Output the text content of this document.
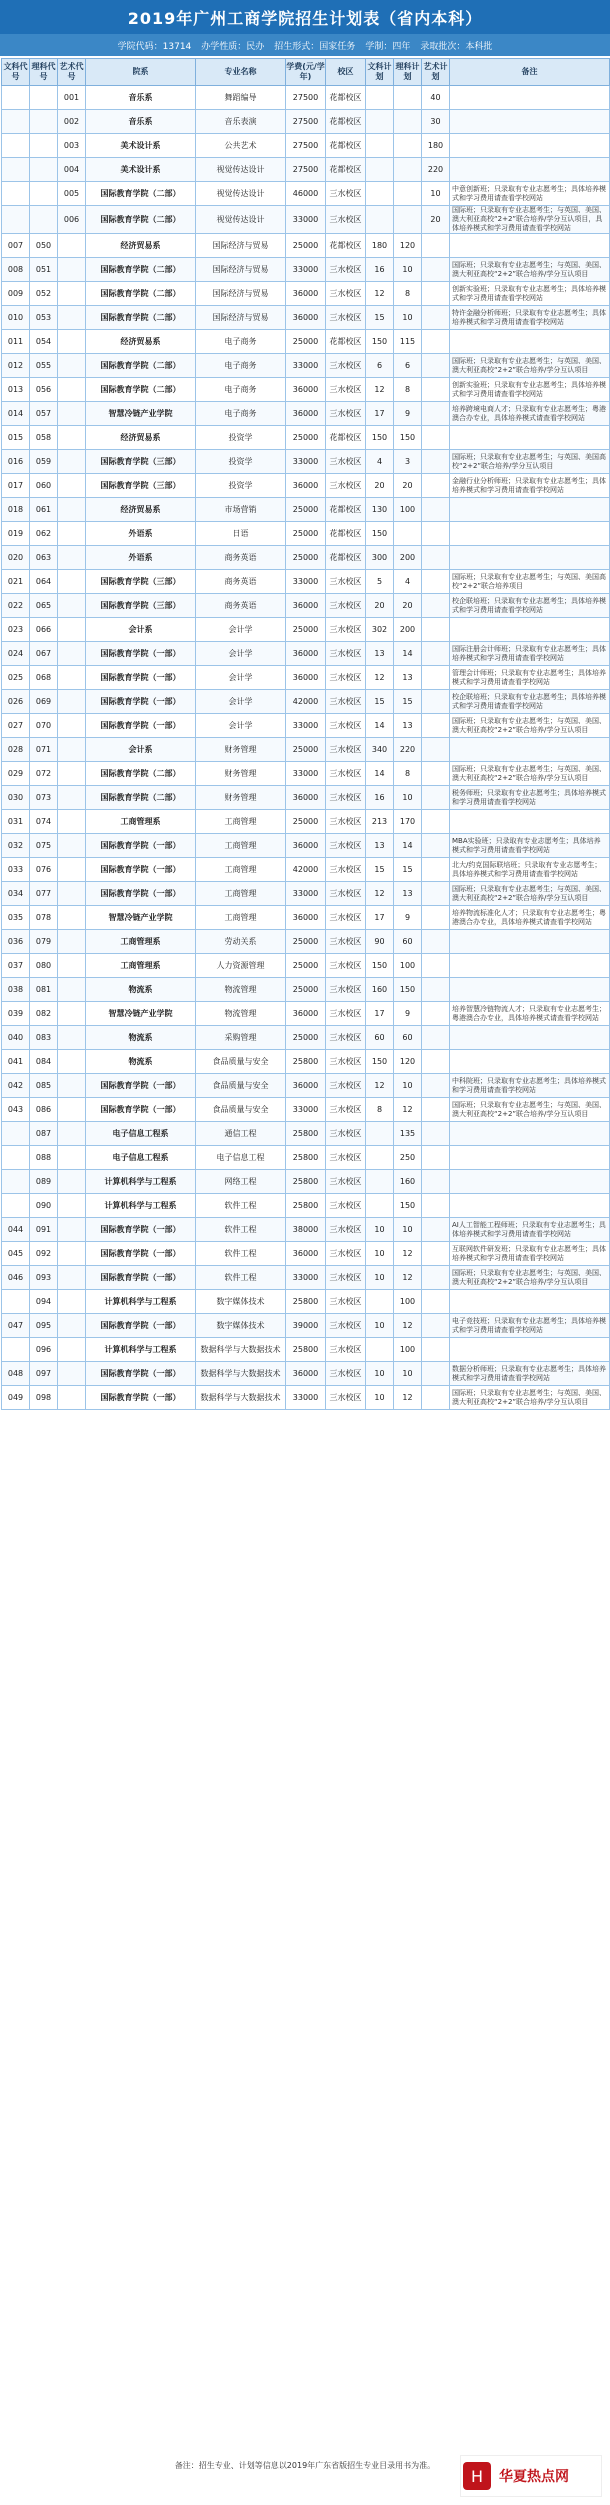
2019年广州工商学院招生计划表（省内本科）
学院代码：13714 办学性质：民办 招生形式：国家任务 学制：四年 录取批次：本科批
文科代号	理科代号	艺术代号	院系	专业名称	学费(元/学年)	校区	文科计划	理科计划	艺术计划	备注
		001	音乐系	舞蹈编导	27500	花都校区			40	
		002	音乐系	音乐表演	27500	花都校区			30	
		003	美术设计系	公共艺术	27500	花都校区			180	
		004	美术设计系	视觉传达设计	27500	花都校区			220	
		005	国际教育学院（二部）	视觉传达设计	46000	三水校区			10	中意创新班；只录取有专业志愿考生；具体培养模式和学习费用请查看学校网站
		006	国际教育学院（二部）	视觉传达设计	33000	三水校区			20	国际班；只录取有专业志愿考生；与英国、美国、澳大利亚高校“2+2”联合培养/学分互认项目，具体培养模式和学习费用请查看学校网站
007	050		经济贸易系	国际经济与贸易	25000	花都校区	180	120		
008	051		国际教育学院（二部）	国际经济与贸易	33000	三水校区	16	10		国际班；只录取有专业志愿考生；与英国、美国、澳大利亚高校“2+2”联合培养/学分互认项目
009	052		国际教育学院（二部）	国际经济与贸易	36000	三水校区	12	8		创新实验班；只录取有专业志愿考生；具体培养模式和学习费用请查看学校网站
010	053		国际教育学院（二部）	国际经济与贸易	36000	三水校区	15	10		特许金融分析师班；只录取有专业志愿考生；具体培养模式和学习费用请查看学校网站
011	054		经济贸易系	电子商务	25000	花都校区	150	115		
012	055		国际教育学院（二部）	电子商务	33000	三水校区	6	6		国际班；只录取有专业志愿考生；与英国、美国、澳大利亚高校“2+2”联合培养/学分互认项目
013	056		国际教育学院（二部）	电子商务	36000	三水校区	12	8		创新实验班；只录取有专业志愿考生；具体培养模式和学习费用请查看学校网站
014	057		智慧冷链产业学院	电子商务	36000	三水校区	17	9		培养跨境电商人才；只录取有专业志愿考生；粤港澳合办专业，具体培养模式请查看学校网站
015	058		经济贸易系	投资学	25000	花都校区	150	150		
016	059		国际教育学院（三部）	投资学	33000	三水校区	4	3		国际班；只录取有专业志愿考生；与英国、美国高校“2+2”联合培养/学分互认项目
017	060		国际教育学院（三部）	投资学	36000	三水校区	20	20		金融行业分析师班；只录取有专业志愿考生；具体培养模式和学习费用请查看学校网站
018	061		经济贸易系	市场营销	25000	花都校区	130	100		
019	062		外语系	日语	25000	花都校区	150			
020	063		外语系	商务英语	25000	花都校区	300	200		
021	064		国际教育学院（三部）	商务英语	33000	三水校区	5	4		国际班；只录取有专业志愿考生；与英国、美国高校“2+2”联合培养项目
022	065		国际教育学院（三部）	商务英语	36000	三水校区	20	20		校企联培班；只录取有专业志愿考生；具体培养模式和学习费用请查看学校网站
023	066		会计系	会计学	25000	三水校区	302	200		
024	067		国际教育学院（一部）	会计学	36000	三水校区	13	14		国际注册会计师班；只录取有专业志愿考生；具体培养模式和学习费用请查看学校网站
025	068		国际教育学院（一部）	会计学	36000	三水校区	12	13		管理会计师班；只录取有专业志愿考生；具体培养模式和学习费用请查看学校网站
026	069		国际教育学院（一部）	会计学	42000	三水校区	15	15		校企联培班；只录取有专业志愿考生；具体培养模式和学习费用请查看学校网站
027	070		国际教育学院（一部）	会计学	33000	三水校区	14	13		国际班；只录取有专业志愿考生；与英国、美国、澳大利亚高校“2+2”联合培养/学分互认项目
028	071		会计系	财务管理	25000	三水校区	340	220		
029	072		国际教育学院（二部）	财务管理	33000	三水校区	14	8		国际班；只录取有专业志愿考生；与英国、美国、澳大利亚高校“2+2”联合培养/学分互认项目
030	073		国际教育学院（二部）	财务管理	36000	三水校区	16	10		税务师班；只录取有专业志愿考生；具体培养模式和学习费用请查看学校网站
031	074		工商管理系	工商管理	25000	三水校区	213	170		
032	075		国际教育学院（一部）	工商管理	36000	三水校区	13	14		MBA实验班；只录取有专业志愿考生；具体培养模式和学习费用请查看学校网站
033	076		国际教育学院（一部）	工商管理	42000	三水校区	15	15		北大/约克国际联培班；只录取有专业志愿考生；具体培养模式和学习费用请查看学校网站
034	077		国际教育学院（一部）	工商管理	33000	三水校区	12	13		国际班；只录取有专业志愿考生；与英国、美国、澳大利亚高校“2+2”联合培养/学分互认项目
035	078		智慧冷链产业学院	工商管理	36000	三水校区	17	9		培养物流标准化人才；只录取有专业志愿考生；粤港澳合办专业，具体培养模式请查看学校网站
036	079		工商管理系	劳动关系	25000	三水校区	90	60		
037	080		工商管理系	人力资源管理	25000	三水校区	150	100		
038	081		物流系	物流管理	25000	三水校区	160	150		
039	082		智慧冷链产业学院	物流管理	36000	三水校区	17	9		培养智慧冷链物流人才；只录取有专业志愿考生；粤港澳合办专业，具体培养模式请查看学校网站
040	083		物流系	采购管理	25000	三水校区	60	60		
041	084		物流系	食品质量与安全	25800	三水校区	150	120		
042	085		国际教育学院（一部）	食品质量与安全	36000	三水校区	12	10		中科院班；只录取有专业志愿考生；具体培养模式和学习费用请查看学校网站
043	086		国际教育学院（一部）	食品质量与安全	33000	三水校区	8	12		国际班；只录取有专业志愿考生；与英国、美国、澳大利亚高校“2+2”联合培养/学分互认项目
	087		电子信息工程系	通信工程	25800	三水校区		135		
	088		电子信息工程系	电子信息工程	25800	三水校区		250		
	089		计算机科学与工程系	网络工程	25800	三水校区		160		
	090		计算机科学与工程系	软件工程	25800	三水校区		150		
044	091		国际教育学院（一部）	软件工程	38000	三水校区	10	10		AI人工智能工程师班；只录取有专业志愿考生；具体培养模式和学习费用请查看学校网站
045	092		国际教育学院（一部）	软件工程	36000	三水校区	10	12		互联网软件研发班；只录取有专业志愿考生；具体培养模式和学习费用请查看学校网站
046	093		国际教育学院（一部）	软件工程	33000	三水校区	10	12		国际班；只录取有专业志愿考生；与英国、美国、澳大利亚高校“2+2”联合培养/学分互认项目
	094		计算机科学与工程系	数字媒体技术	25800	三水校区		100		
047	095		国际教育学院（一部）	数字媒体技术	39000	三水校区	10	12		电子竞技班；只录取有专业志愿考生；具体培养模式和学习费用请查看学校网站
	096		计算机科学与工程系	数据科学与大数据技术	25800	三水校区		100		
048	097		国际教育学院（一部）	数据科学与大数据技术	36000	三水校区	10	10		数据分析师班；只录取有专业志愿考生；具体培养模式和学习费用请查看学校网站
049	098		国际教育学院（一部）	数据科学与大数据技术	33000	三水校区	10	12		国际班；只录取有专业志愿考生；与英国、美国、澳大利亚高校“2+2”联合培养/学分互认项目
备注：招生专业、计划等信息以2019年广东省版招生专业目录用书为准。
H 华夏热点网
